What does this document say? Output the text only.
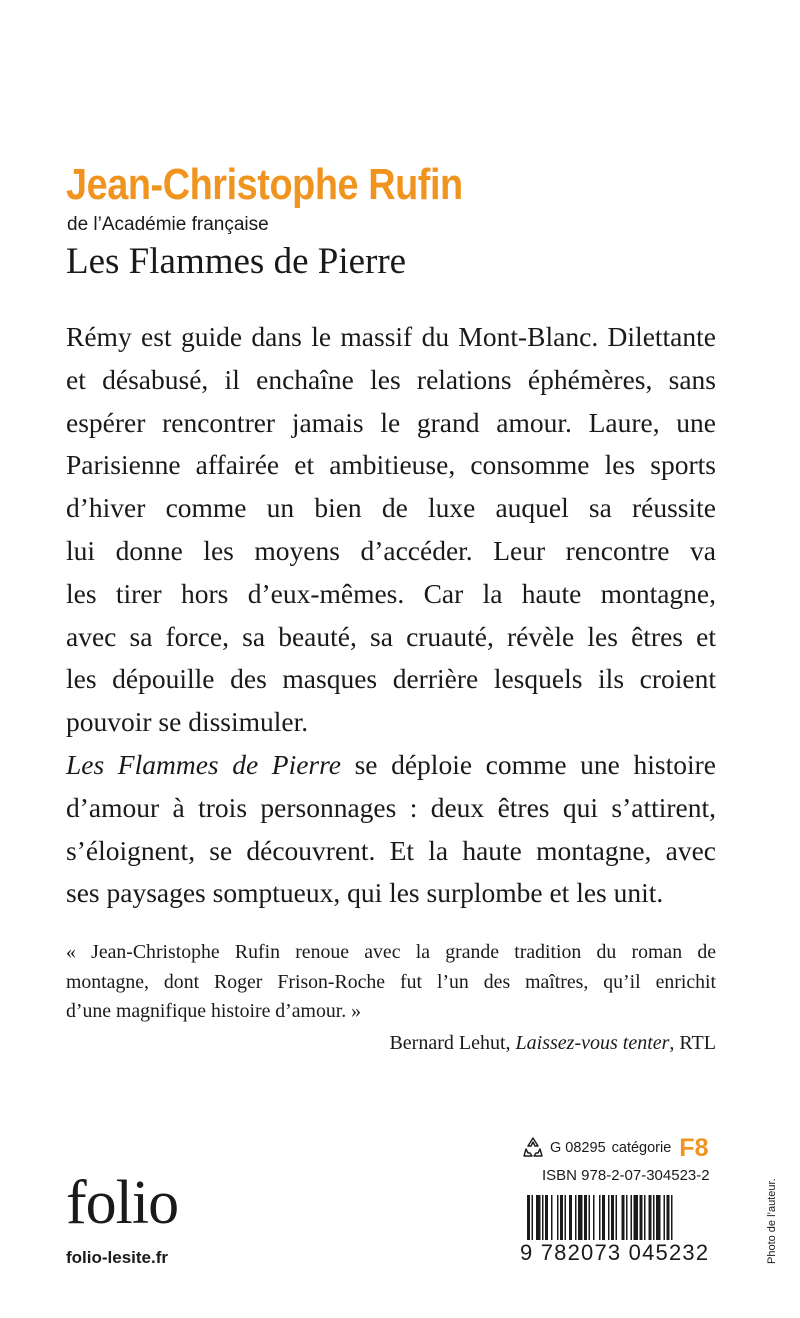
Jean-Christophe Rufin
de l’Académie française
Les Flammes de Pierre
Rémy est guide dans le massif du Mont-Blanc. Dilettante
et désabusé, il enchaîne les relations éphémères, sans
espérer rencontrer jamais le grand amour. Laure, une
Parisienne affairée et ambitieuse, consomme les sports
d’hiver comme un bien de luxe auquel sa réussite
lui donne les moyens d’accéder. Leur rencontre va
les tirer hors d’eux-mêmes. Car la haute montagne,
avec sa force, sa beauté, sa cruauté, révèle les êtres et
les dépouille des masques derrière lesquels ils croient
pouvoir se dissimuler.
Les Flammes de Pierre se déploie comme une histoire
d’amour à trois personnages : deux êtres qui s’attirent,
s’éloignent, se découvrent. Et la haute montagne, avec
ses paysages somptueux, qui les surplombe et les unit.
« Jean-Christophe Rufin renoue avec la grande tradition du roman de
montagne, dont Roger Frison-Roche fut l’un des maîtres, qu’il enrichit
d’une magnifique histoire d’amour. »
Bernard Lehut, Laissez-vous tenter, RTL
G 08295 catégorie F8
ISBN 978-2-07-304523-2
9 782073 045232
folio
folio-lesite.fr	Photo de l’auteur.
